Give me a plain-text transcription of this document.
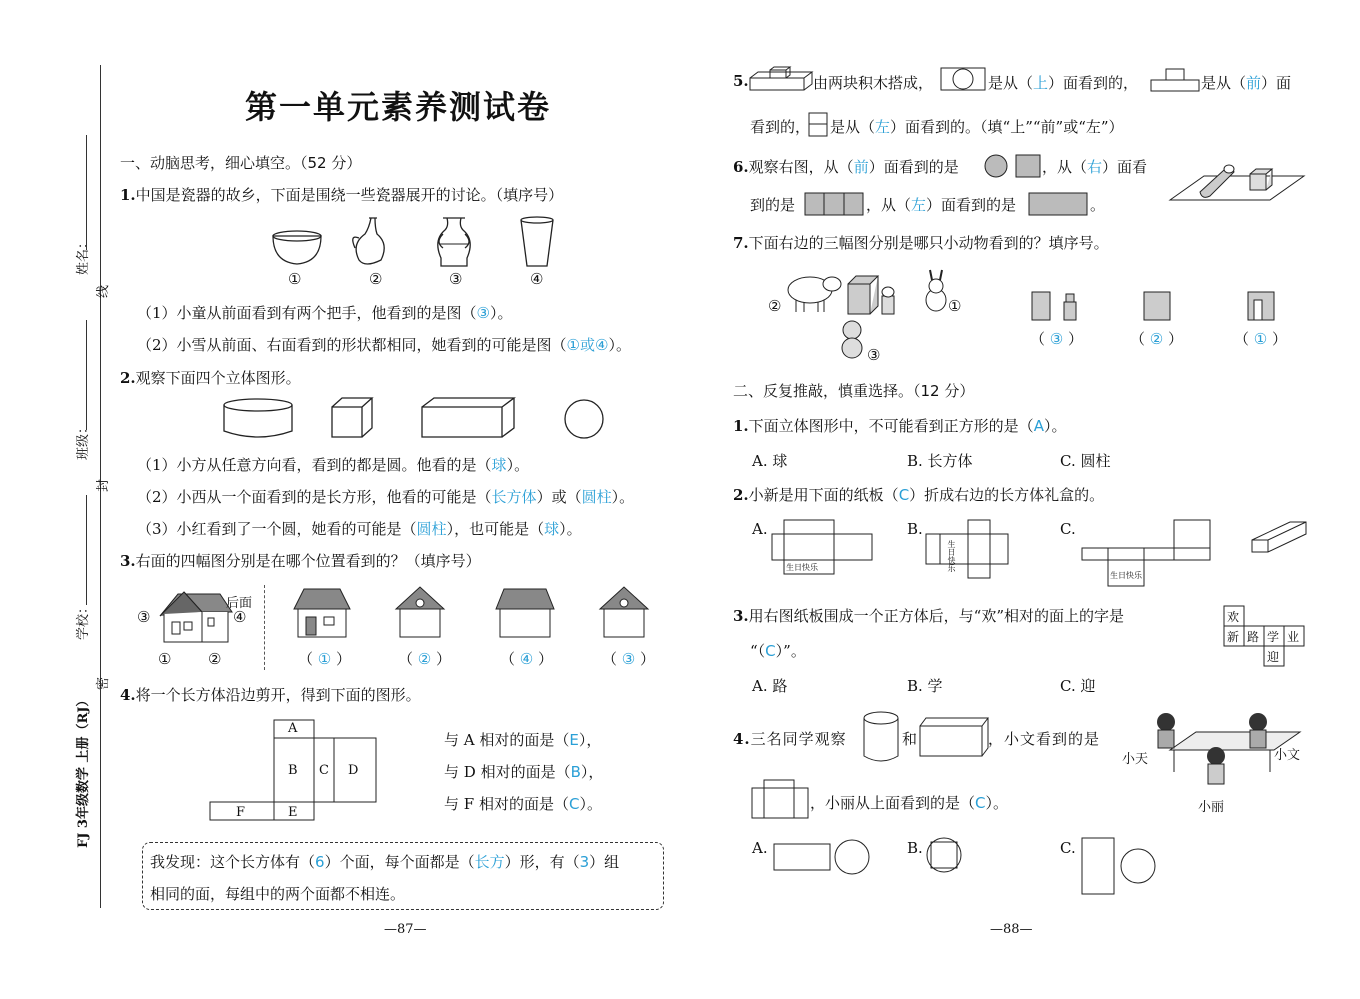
姓名：
线
班级：
封
学校：
密
FJ 3年级数学 上册（RJ）
第一单元素养测试卷
一、动脑思考，细心填空。（52 分）
1.中国是瓷器的故乡，下面是围绕一些瓷器展开的讨论。（填序号）
①	②	③	④
（1）小童从前面看到有两个把手，他看到的是图（③）。
（2）小雪从前面、右面看到的形状都相同，她看到的可能是图（①或④）。
2.观察下面四个立体图形。
（1）小方从任意方向看，看到的都是圆。他看的是（球）。
（2）小西从一个面看到的是长方形，他看的可能是（长方体）或（圆柱）。
（3）小红看到了一个圆，她看的可能是（圆柱），也可能是（球）。
3.右面的四幅图分别是在哪个位置看到的？（填序号）
后面
③	④
① ②	（ ① ）	（ ② ）	（ ④ ）	（ ③ ）
4.将一个长方体沿边剪开，得到下面的图形。
A
B C D
F	E
与 A 相对的面是（E），
与 D 相对的面是（B），
与 F 相对的面是（C）。
我发现：这个长方体有（6）个面，每个面都是（长方）形，有（3）组
相同的面，每组中的两个面都不相连。
—87—
5.	由两块积木搭成，	是从（上）面看到的，	是从（前）面
看到的， 是从（左）面看到的。（填“上”“前”或“左”）
6.观察右图，从（前）面看到的是	，从（右）面看
到的是	，从（左）面看到的是	。
7.下面右边的三幅图分别是哪只小动物看到的？填序号。
②	①
③
（ ③ ）	（ ② ）	（ ① ）
二、反复推敲，慎重选择。（12 分）
1.下面立体图形中，不可能看到正方形的是（A）。
A. 球	B. 长方体	C. 圆柱
2.小新是用下面的纸板（C）折成右边的长方体礼盒的。
A.
生日快乐
B.
生日快乐
C.
生日快乐
3.用右图纸板围成一个正方体后，与“欢”相对的面上的字是
“（C）”。
欢
新 路 学 业
迎
A. 路	B. 学	C. 迎
4.三名同学观察	和	，小文看到的是
小天	小文
小丽
，小丽从上面看到的是（C）。
A.	B.	C.
—88—
